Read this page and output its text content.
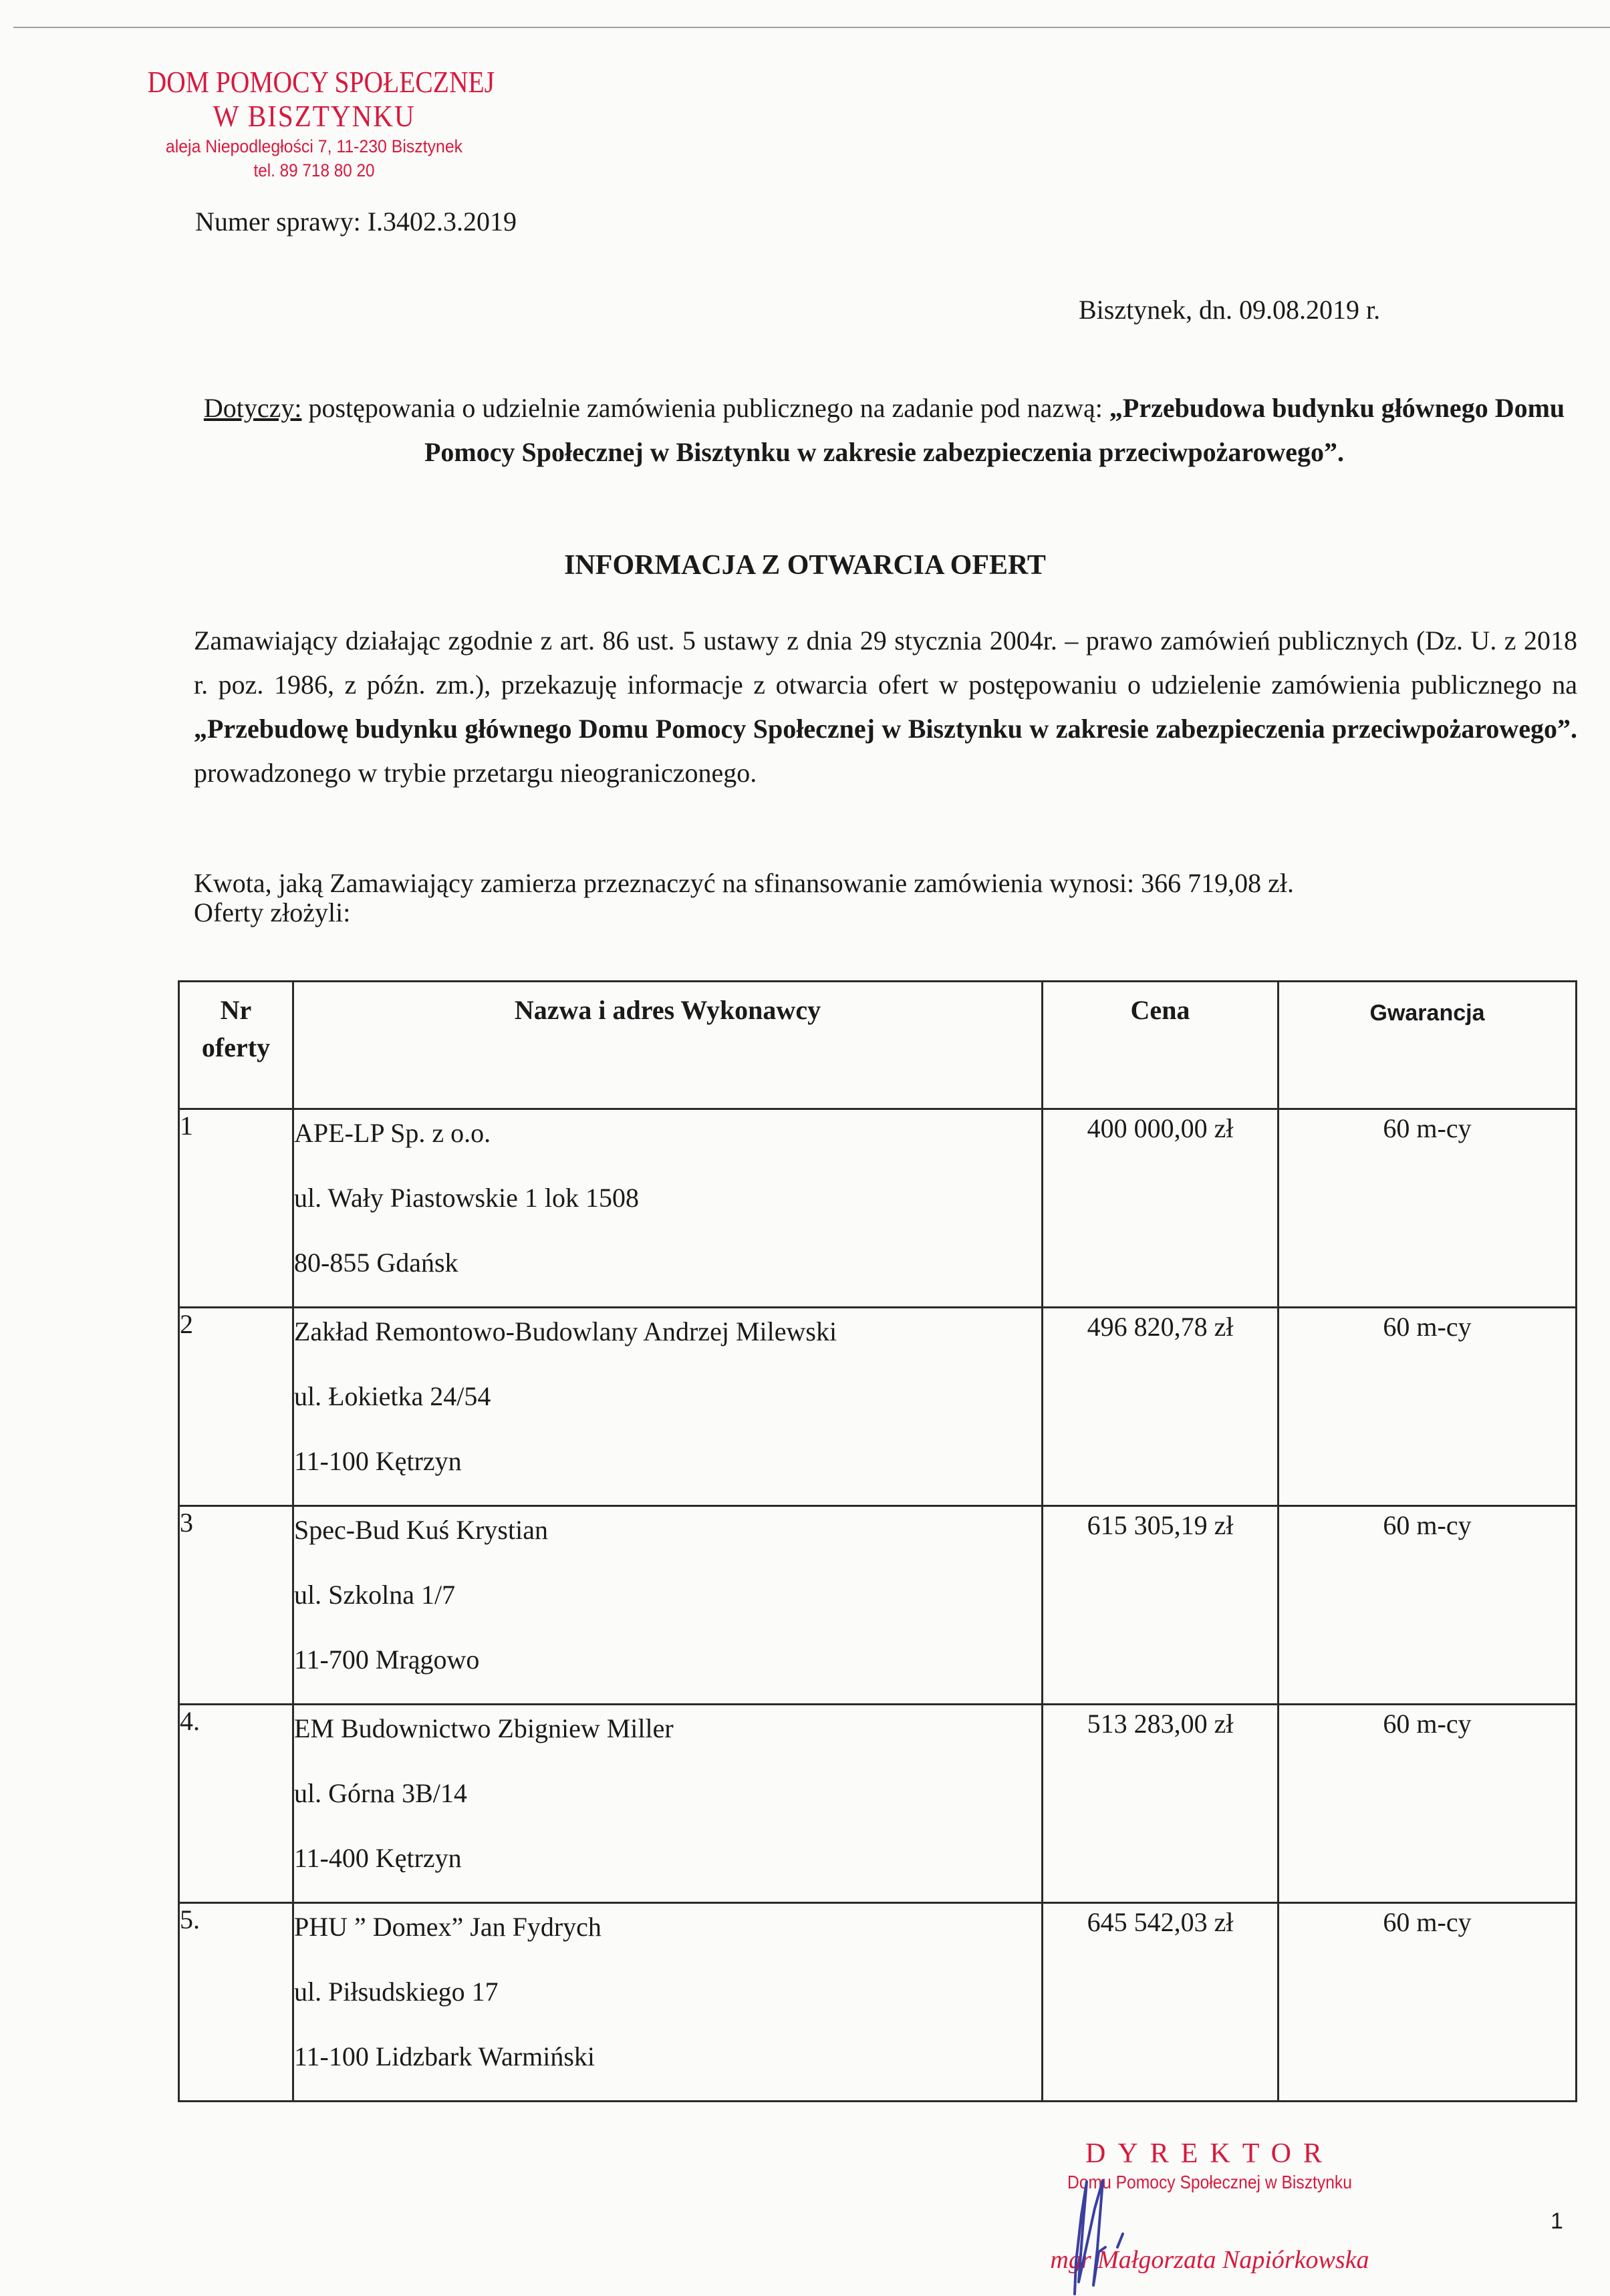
DOM POMOCY SPOŁECZNEJ
W BISZTYNKU
aleja Niepodległości 7, 11-230 Bisztynek
tel. 89 718 80 20
Numer sprawy: I.3402.3.2019
Bisztynek, dn. 09.08.2019 r.
Dotyczy: postępowania o udzielnie zamówienia publicznego na zadanie pod nazwą: „Przebudowa budynku głównego Domu Pomocy Społecznej w Bisztynku w zakresie zabezpieczenia przeciwpożarowego”.
INFORMACJA Z OTWARCIA OFERT
Zamawiający działając zgodnie z art. 86 ust. 5 ustawy z dnia 29 stycznia 2004r. – prawo zamówień publicznych (Dz. U. z 2018 r. poz. 1986, z późn. zm.), przekazuję informacje z otwarcia ofert w postępowaniu o udzielenie zamówienia publicznego na „Przebudowę budynku głównego Domu Pomocy Społecznej w Bisztynku w zakresie zabezpieczenia przeciwpożarowego”. prowadzonego w trybie przetargu nieograniczonego.
Kwota, jaką Zamawiający zamierza przeznaczyć na sfinansowanie zamówienia wynosi: 366 719,08 zł.
Oferty złożyli:
Nr
oferty	Nazwa i adres Wykonawcy	Cena	Gwarancja
1	APE-LP Sp. z o.o.
ul. Wały Piastowskie 1 lok 1508
80-855 Gdańsk	400 000,00 zł	60 m-cy
2	Zakład Remontowo-Budowlany Andrzej Milewski
ul. Łokietka 24/54
11-100 Kętrzyn	496 820,78 zł	60 m-cy
3	Spec-Bud Kuś Krystian
ul. Szkolna 1/7
11-700 Mrągowo	615 305,19 zł	60 m-cy
4.	EM Budownictwo Zbigniew Miller
ul. Górna 3B/14
11-400 Kętrzyn	513 283,00 zł	60 m-cy
5.	PHU ” Domex” Jan Fydrych
ul. Piłsudskiego 17
11-100 Lidzbark Warmiński	645 542,03 zł	60 m-cy
DYREKTOR
Domu Pomocy Społecznej w Bisztynku
mgr Małgorzata Napiórkowska
1
